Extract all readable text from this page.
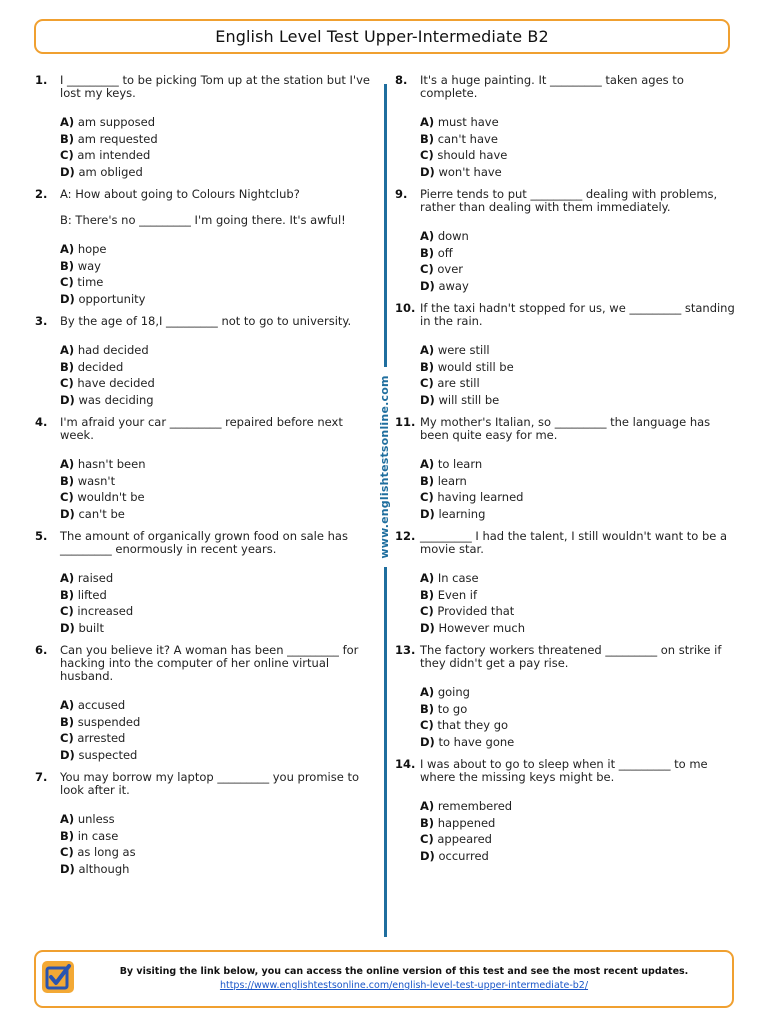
English Level Test Upper-Intermediate B2
www.englishtestsonline.com
1.	I _________ to be picking Tom up at the station but I've lost my keys.
A) am supposed
B) am requested
C) am intended
D) am obliged
2.	A: How about going to Colours Nightclub?
B: There's no _________ I'm going there. It's awful!
A) hope
B) way
C) time
D) opportunity
3.	By the age of 18,I _________ not to go to university.
A) had decided
B) decided
C) have decided
D) was deciding
4.	I'm afraid your car _________ repaired before next week.
A) hasn't been
B) wasn't
C) wouldn't be
D) can't be
5.	The amount of organically grown food on sale has _________ enormously in recent years.
A) raised
B) lifted
C) increased
D) built
6.	Can you believe it? A woman has been _________ for hacking into the computer of her online virtual husband.
A) accused
B) suspended
C) arrested
D) suspected
7.	You may borrow my laptop _________ you promise to look after it.
A) unless
B) in case
C) as long as
D) although
8.	It's a huge painting. It _________ taken ages to complete.
A) must have
B) can't have
C) should have
D) won't have
9.	Pierre tends to put _________ dealing with problems, rather than dealing with them immediately.
A) down
B) off
C) over
D) away
10. If the taxi hadn't stopped for us, we _________ standing in the rain.
A) were still
B) would still be
C) are still
D) will still be
11. My mother's Italian, so _________ the language has been quite easy for me.
A) to learn
B) learn
C) having learned
D) learning
12. _________ I had the talent, I still wouldn't want to be a movie star.
A) In case
B) Even if
C) Provided that
D) However much
13. The factory workers threatened _________ on strike if they didn't get a pay rise.
A) going
B) to go
C) that they go
D) to have gone
14. I was about to go to sleep when it _________ to me where the missing keys might be.
A) remembered
B) happened
C) appeared
D) occurred
By visiting the link below, you can access the online version of this test and see the most recent updates.
https://www.englishtestsonline.com/english-level-test-upper-intermediate-b2/
